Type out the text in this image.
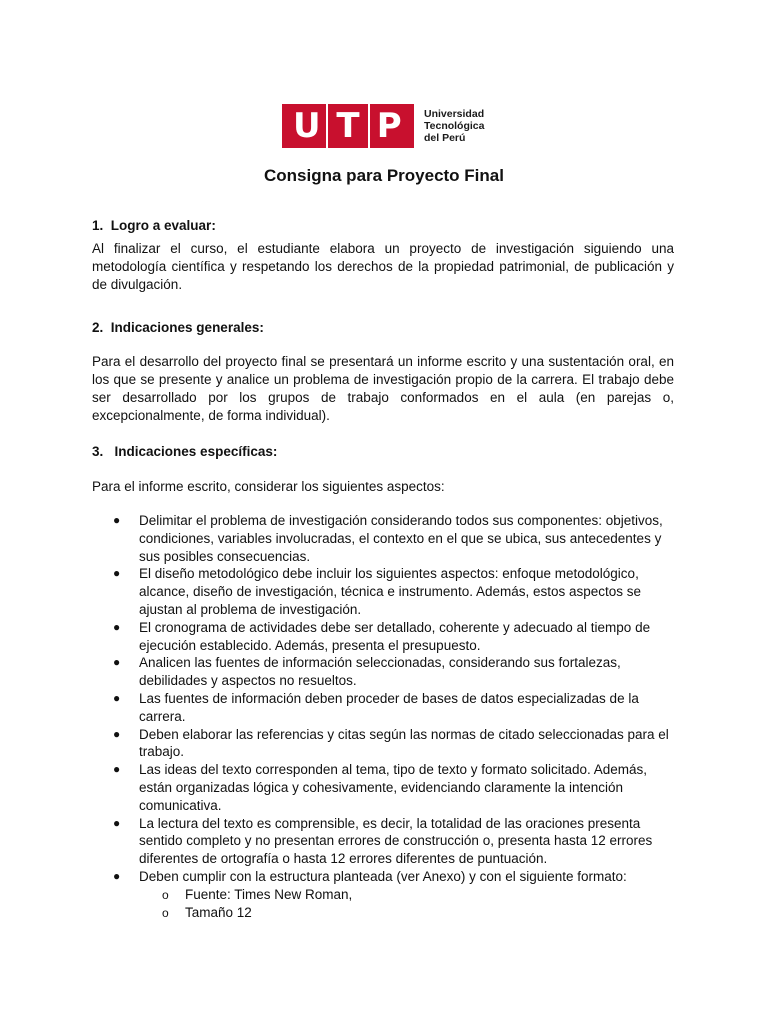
U T P	Universidad
Tecnológica
del Perú
Consigna para Proyecto Final
1. Logro a evaluar:
Al finalizar el curso, el estudiante elabora un proyecto de investigación siguiendo una metodología científica y respetando los derechos de la propiedad patrimonial, de publicación y de divulgación.
2. Indicaciones generales:
Para el desarrollo del proyecto final se presentará un informe escrito y una sustentación oral, en los que se presente y analice un problema de investigación propio de la carrera. El trabajo debe ser desarrollado por los grupos de trabajo conformados en el aula (en parejas o, excepcionalmente, de forma individual).
3. Indicaciones específicas:
Para el informe escrito, considerar los siguientes aspectos:
● Delimitar el problema de investigación considerando todos sus componentes: objetivos, condiciones, variables involucradas, el contexto en el que se ubica, sus antecedentes y sus posibles consecuencias.
● El diseño metodológico debe incluir los siguientes aspectos: enfoque metodológico, alcance, diseño de investigación, técnica e instrumento. Además, estos aspectos se ajustan al problema de investigación.
● El cronograma de actividades debe ser detallado, coherente y adecuado al tiempo de ejecución establecido. Además, presenta el presupuesto.
● Analicen las fuentes de información seleccionadas, considerando sus fortalezas, debilidades y aspectos no resueltos.
● Las fuentes de información deben proceder de bases de datos especializadas de la carrera.
● Deben elaborar las referencias y citas según las normas de citado seleccionadas para el trabajo.
● Las ideas del texto corresponden al tema, tipo de texto y formato solicitado. Además, están organizadas lógica y cohesivamente, evidenciando claramente la intención comunicativa.
● La lectura del texto es comprensible, es decir, la totalidad de las oraciones presenta sentido completo y no presentan errores de construcción o, presenta hasta 12 errores diferentes de ortografía o hasta 12 errores diferentes de puntuación.
● Deben cumplir con la estructura planteada (ver Anexo) y con el siguiente formato:
o Fuente: Times New Roman,
o Tamaño 12
